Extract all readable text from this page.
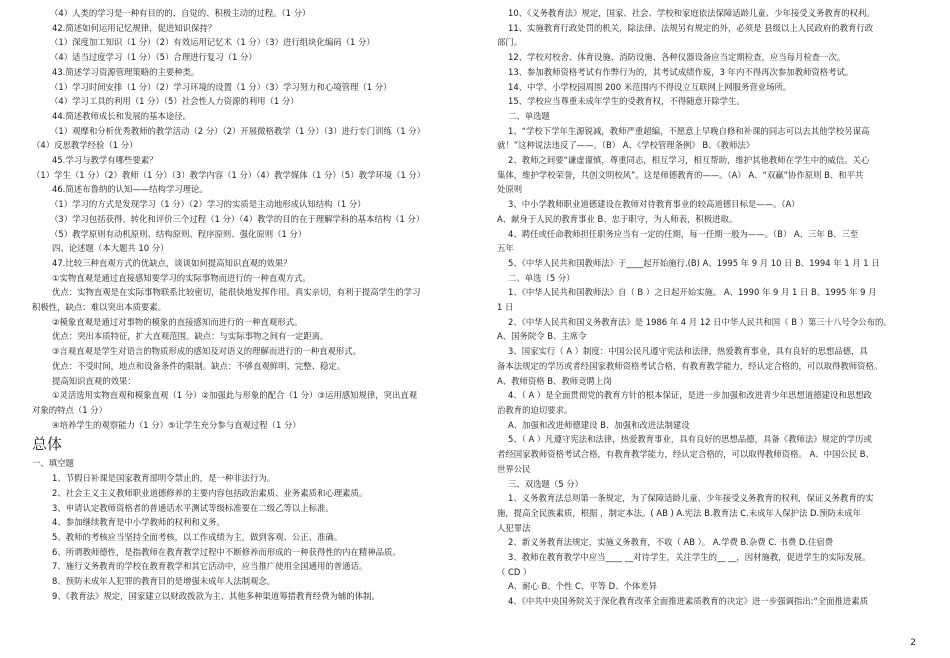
（4）人类的学习是一种有目的的、自觉的、积极主动的过程。（1 分）
42.简述如何运用记忆规律，促进知识保持？
（1）深度加工知识（1 分）（2）有效运用记忆术（1 分）（3）进行组块化编码（1 分）
（4）适当过度学习（1 分）（5）合理进行复习（1 分）
43.简述学习资源管理策略的主要种类。
（1）学习时间安排（1 分）（2）学习环境的设置（1 分）（3）学习努力和心境管理（1 分）
（4）学习工具的利用（1 分）（5）社会性人力资源的利用（1 分）
44.简述教师成长和发展的基本途径。
（1）观摩和分析优秀教师的教学活动（2 分）（2）开展微格教学（1 分）（3）进行专门训练（1 分）
（4）反思教学经验（1 分）
45.学习与教学有哪些要素？
（1）学生（1 分）（2）教师（1 分）（3）教学内容（1 分）（4）教学媒体（1 分）（5）教学环境（1 分）
46.简述布鲁纳的认知——结构学习理论。
（1）学习的方式是发现学习（1 分）（2）学习的实质是主动地形成认知结构（1 分）
（3）学习包括获得、转化和评价三个过程（1 分）（4）教学的目的在于理解学科的基本结构（1 分）
（5）教学原则有动机原则、结构原则、程序原则、强化原则（1 分）
四、论述题（本大题共 10 分）
47.比较三种直观方式的优缺点，谈谈如何提高知识直观的效果？
①实物直观是通过直接感知要学习的实际事物而进行的一种直观方式。
优点：实物直观是在实际事物联系比较密切，能很快地发挥作用。真实亲切，有利于提高学生的学习
积极性，缺点：难以突出本质要素。
②模象直观是通过对事物的模象的直接感知而进行的一种直观形式。
优点：突出本质特征，扩大直观范围。缺点：与实际事物之间有一定距离。
③言观直观是学生对语言的物质形成的感知及对语义的理解而进行的一种直观形式。
优点：不受时间，地点和设备条件的限制。缺点：不够直观鲜明、完整、稳定。
提高知识直观的效果：
①灵活选用实物直观和模象直观（1 分）②加强此与形象的配合（1 分）③运用感知规律，突出直观
对象的特点（1 分）
④培养学生的观察能力（1 分）⑤让学生充分参与直观过程（1 分）
总体
一、填空题
1、节假日补课是国家教育部明令禁止的，是一种非法行为。
2、社会主义主义教师职业道德修养的主要内容包括政治素质、业务素质和心理素质。
3、申请认定教师资格者的普通话水平测试等级标准要在二级乙等以上标准。
4、参加继续教育是中小学教师的权利和义务。
5、教师的考核应当坚持全面考核，以工作成绩为主，做到客观、公正、准确。
6、所谓教师德性，是指教师在教育教学过程中不断修养而形成的一种获得性的内在精神品质。
7、施行义务教育的学校在教育教学和其它活动中，应当推广使用全国通用的普通话。
8、预防未成年人犯罪的教育目的是增强未成年人法制观念。
9、《教育法》规定，国家建立以财政拨款为主、其他多种渠道筹措教育经费为辅的体制。
10、《义务教育法》规定，国家、社会、学校和家庭依法保障适龄儿童、少年接受义务教育的权利。
11、实施教育行政处罚的机关，除法律、法规另有规定的外，必须是 县级以上人民政府的教育行政
部门。
12、学校对校舍、体育设施、消防设施、各种仪器设备应当定期检查，应当每月检查一次。
13、参加教师资格考试有作弊行为的，其考试成绩作废，3 年内不得再次参加教师资格考试。
14、中学、小学校园周围 200 米范围内不得设立互联网上网服务营业场所。
15、学校应当尊重未成年学生的受教育权，不得随意开除学生。
二、单选题
1、“学校下学年生源锐减，教师严重超编，不愿意上早晚自修和补课的同志可以去其他学校另谋高
就！”这种说法违反了——。（B） A、《学校管理条例》 B、《教师法》
2、教师之间要“谦虚谨慎，尊重同志，相互学习，相互帮助，维护其他教师在学生中的威信。关心
集体，维护学校荣誉，共创文明校风”。这是师德教育的——。（A） A、“双赢”协作原则 B、和平共
处原则
3、中小学教师职业道德建设在教师对待教育事业的较高道德目标是——。（A）
A、献身于人民的教育事业 B、忠于职守，为人师表，积极进取。
4、聘任或任命教师担任职务应当有一定的任期，每一任期一般为——。（B） A、三年 B、三至
五年
5、《中华人民共和国教师法》于____起开始施行.(B) A、1995 年 9 月 10 日 B、1994 年 1 月 1 日
二、单选（5 分）
1、《中华人民共和国教师法》自（ B ）之日起开始实施。 A、1990 年 9 月 1 日 B、1995 年 9 月
1 日
2、《中华人民共和国义务教育法》是 1986 年 4 月 12 日中华人民共和国（ B ）第三十八号令公布的。
A、国务院令 B、主席令
3、国家实行（ A ）制度：中国公民凡遵守宪法和法律，热爱教育事业，具有良好的思想品德，具
备本法规定的学历或者经国家教师资格考试合格，有教育教学能力，经认定合格的，可以取得教师资格。
A、教师资格 B、教师竞聘上岗
4、（ A ）是全面贯彻党的教育方针的根本保证，是进一步加强和改进青少年思想道德建设和思想政
治教育的迫切要求。
A、加强和改进师德建设 B、加强和改进法制建设
5、（ A ）凡遵守宪法和法律，热爱教育事业，具有良好的思想品德，具备《教师法》规定的学历或
者经国家教师资格考试合格，有教育教学能力，经认定合格的，可以取得教师资格。 A、中国公民 B、
世界公民
三、双选题（5 分）
1、义务教育法总则第一条规定，为了保障适龄儿童、少年接受义务教育的权利，保证义务教育的实
施，提高全民族素质，根据 ，制定本法。( AB ) A.宪法 B.教育法 C.未成年人保护法 D.预防未成年
人犯罪法
2、新义务教育法规定，实施义务教育，不收（ AB ）。 A.学费 B.杂费 C. 书费 D.住宿费
3、教师在教育教学中应当____ __对待学生，关注学生的__ __，因材施教，促进学生的实际发展。
（ CD ）
A、耐心 B、个性 C、平等 D、个体差异
4、《中共中央国务院关于深化教育改革全面推进素质教育的决定》进一步强调指出:“全面推进素质
2
